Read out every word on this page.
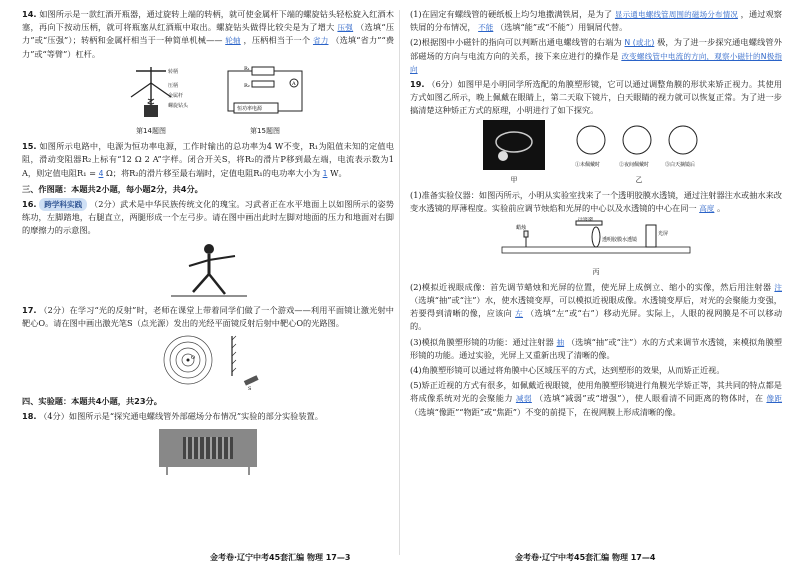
14. 如图所示是一款红酒开瓶器，通过旋转上端的转柄，就可使金属杆下端的螺旋钻头轻松旋入红酒木塞，再向下按动压柄，就可将瓶塞从红酒瓶中取出。螺旋钻头做得比较尖是为了增大 压强 （选填“压力”或“压强”）；转柄和金属杆相当于一种简单机械—— 轮轴 ，压柄相当于一个 省力 （选填“省力”“费力”或“等臂”）杠杆。

转柄
压柄
金属杆
螺旋钻头
第14题图
R₁
R₂	A
恒功率电源
第15题图

15. 如图所示电路中，电源为恒功率电源，工作时输出的总功率为4 W不变，R₁为阻值未知的定值电阻，滑动变阻器R₂上标有“12 Ω 2 A”字样。闭合开关S，将R₂的滑片P移到最左端，电流表示数为1 A，则定值电阻R₁ = 4 Ω；将R₂的滑片移至最右端时，定值电阻R₁的电功率大小为 1 W。

三、作图题：本题共2小题，每小题2分，共4分。

16. 跨学科实践 （2分）武术是中华民族传统文化的瑰宝。习武者正在水平地面上以如图所示的姿势练功，左脚踏地，右腿直立，两腿形成一个左弓步。请在图中画出此时左脚对地面的压力和地面对右脚的摩擦力的示意图。

17. （2分）在学习“光的反射”时，老师在课堂上带着同学们做了一个游戏——利用平面镜让激光射中靶心O。请在图中画出激光笔S（点光源）发出的光经平面镜反射后射中靶心O的光路图。

O
S
四、实验题：本题共4小题，共23分。

18. （4分）如图所示是“探究通电螺线管外部磁场分布情况”实验的部分实验装置。

(1)在固定有螺线管的硬纸板上均匀地撒满铁屑，是为了 显示通电螺线管周围的磁场分布情况 ，通过观察铁屑的分布情况， 不能 （选填“能”或“不能”）用铜屑代替。

(2)根据图中小磁针的指向可以判断出通电螺线管的右端为 N (或北) 极，为了进一步探究通电螺线管外部磁场的方向与电流方向的关系，接下来应进行的操作是 改变螺线管中电流的方向，观察小磁针的N极指向

19. （6分）如图甲是小明同学所选配的角膜塑形镜，它可以通过调整角膜的形状来矫正视力。其使用方式如图乙所示，晚上佩戴在眼睛上，第二天取下镜片，白天眼睛的视力就可以恢复正常。为了进一步搞清楚这种矫正方式的原理，小明进行了如下探究。

甲
①未佩戴时	②夜间佩戴时	③白天摘镜后
乙

(1)准备实验仪器：如图丙所示，小明从实验室找来了一个透明胶膜水透镜，通过注射器注水或抽水来改变水透镜的厚薄程度。实验前应调节烛焰和光屏的中心以及水透镜的中心在同一 高度 。

注射器
蜡烛
透明胶膜水透镜
光屏
丙

(2)模拟近视眼成像：首先调节蜡烛和光屏的位置，使光屏上成倒立、缩小的实像，然后用注射器 注 （选填“抽”或“注”）水，使水透镜变厚，可以模拟近视眼成像。水透镜变厚后，对光的会聚能力变强，若要得到清晰的像，应该向 左 （选填“左”或“右”）移动光屏。实际上，人眼的视网膜是不可以移动的。

(3)模拟角膜塑形镜的功能：通过注射器 抽 （选填“抽”或“注”）水的方式来调节水透镜，来模拟角膜塑形镜的功能。通过实验，光屏上又重新出现了清晰的像。

(4)角膜塑形镜可以通过将角膜中心区域压平的方式，达到塑形的效果，从而矫正近视。

(5)矫正近视的方式有很多，如佩戴近视眼镜，使用角膜塑形镜进行角膜光学矫正等，其共同的特点都是将成像系统对光的会聚能力 减弱 （选填“减弱”或“增强”），使人眼看清不同距离的物体时，在 像距 （选填“像距”“物距”或“焦距”）不变的前提下，在视网膜上形成清晰的像。

金考卷·辽宁中考45套汇编 物理 17—3	金考卷·辽宁中考45套汇编 物理 17—4
